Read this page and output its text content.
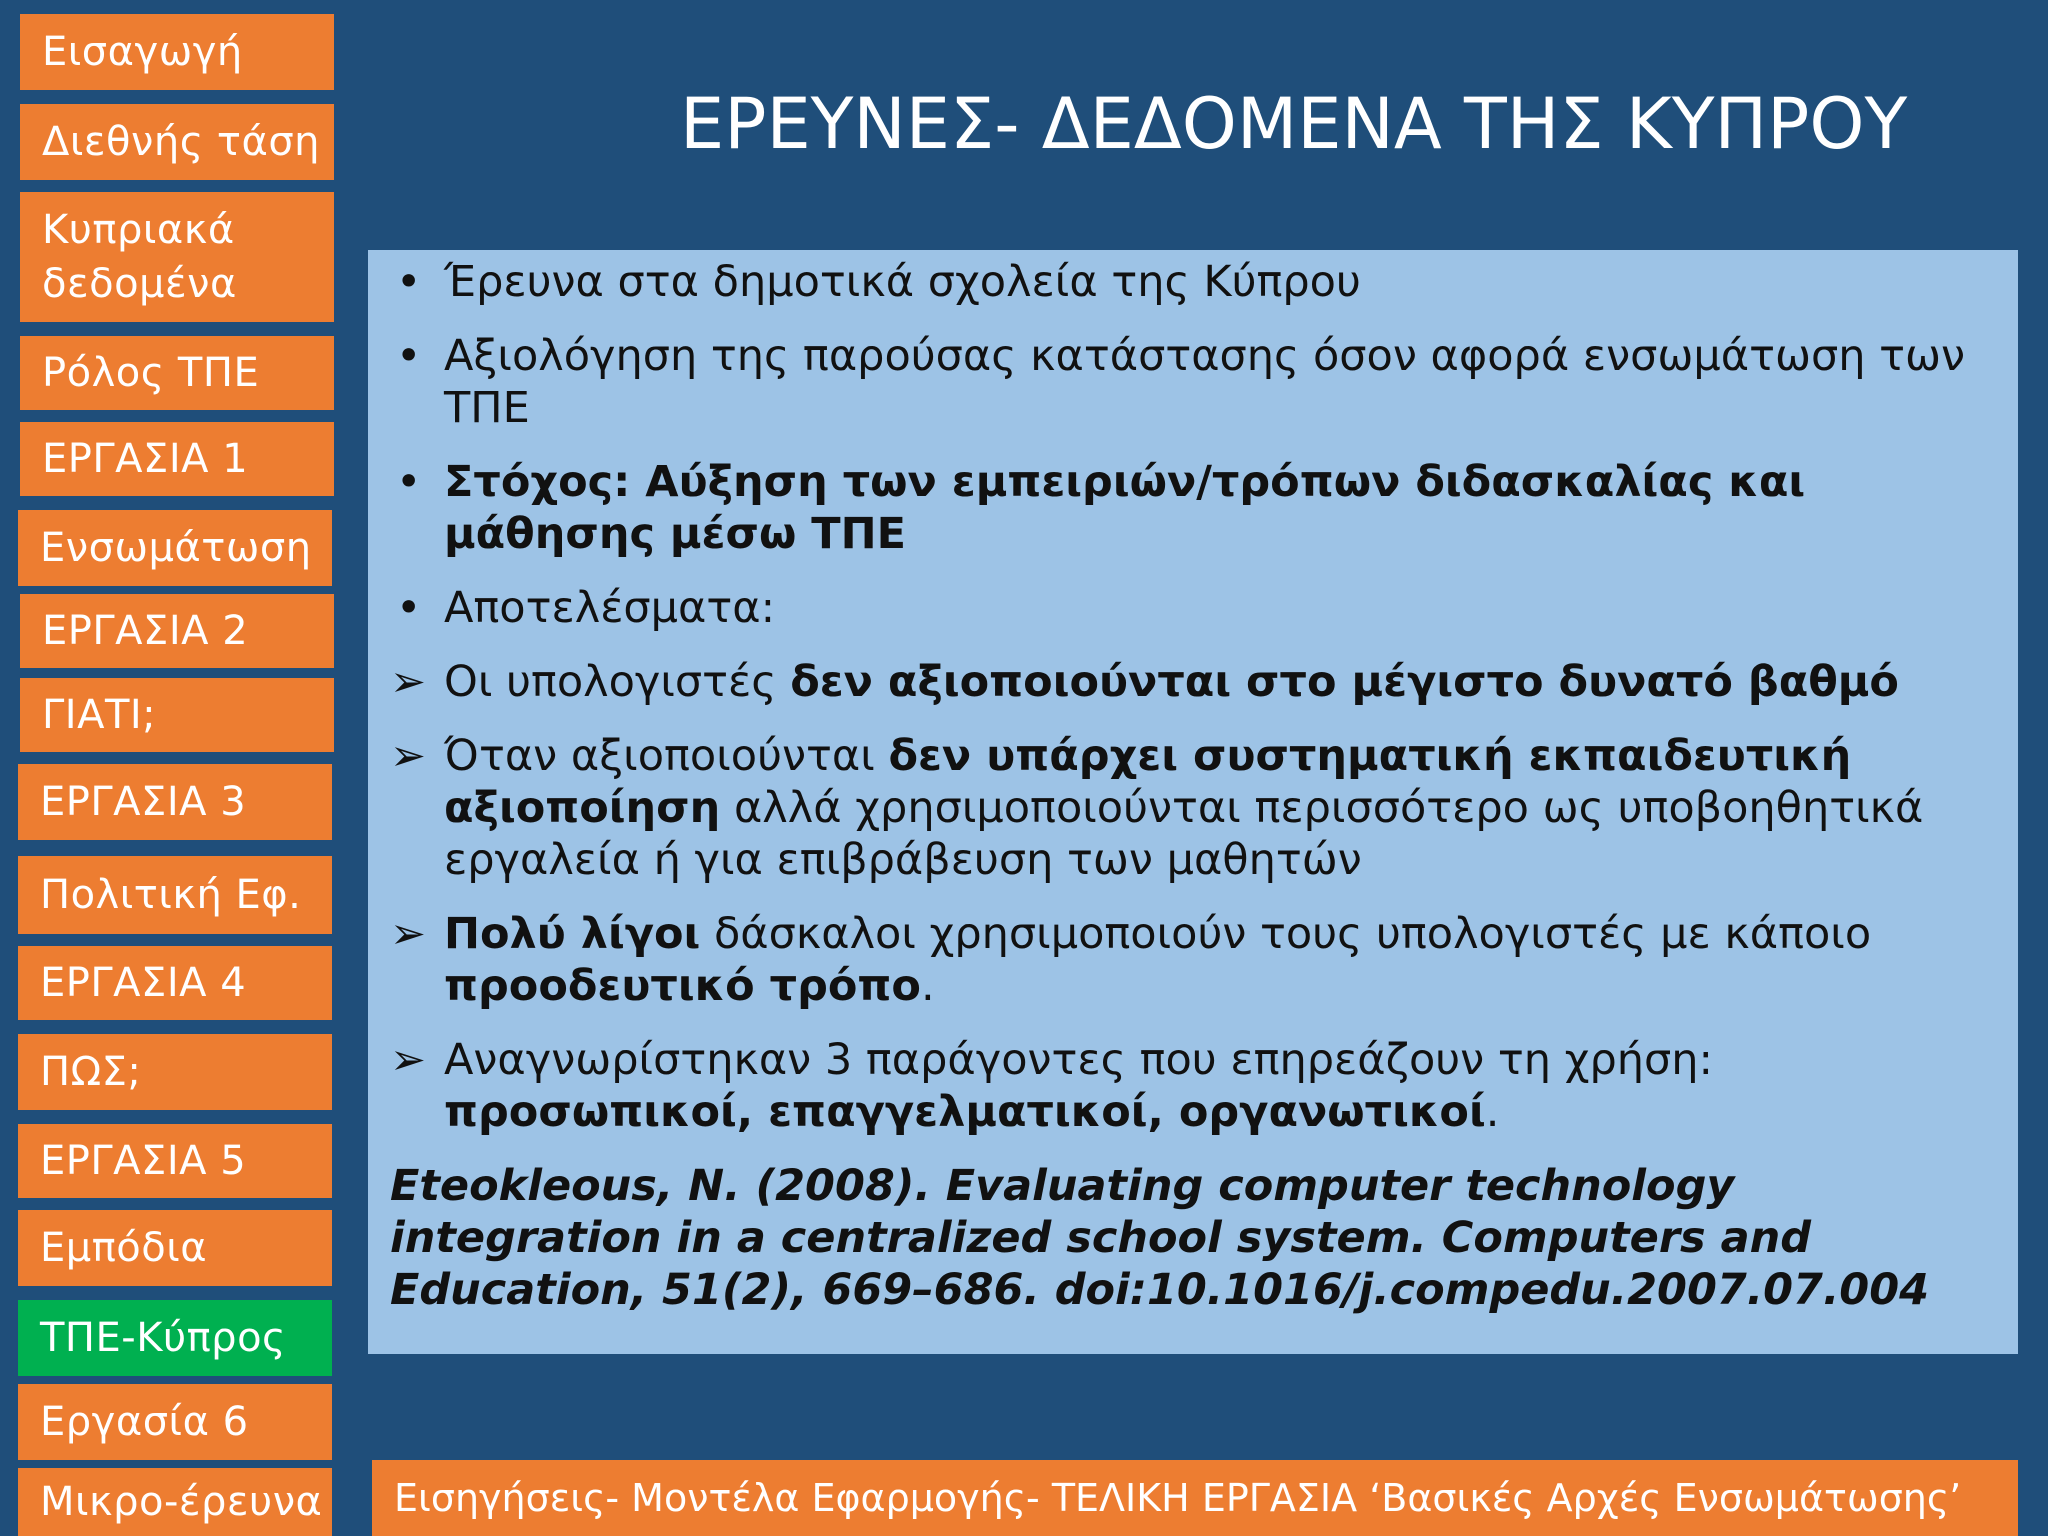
Εισαγωγή
Διεθνής τάση
Κυπριακά δεδομένα
Ρόλος ΤΠΕ
ΕΡΓΑΣΙΑ 1
Ενσωμάτωση
ΕΡΓΑΣΙΑ 2
ΓΙΑΤΙ;
ΕΡΓΑΣΙΑ 3
Πολιτική Εφ.
ΕΡΓΑΣΙΑ 4
ΠΩΣ;
ΕΡΓΑΣΙΑ 5
Εμπόδια
ΤΠΕ-Κύπρος
Εργασία 6
Μικρο-έρευνα
ΕΡΕΥΝΕΣ- ΔΕΔΟΜΕΝΑ ΤΗΣ ΚΥΠΡΟΥ
• Έρευνα στα δημοτικά σχολεία της Κύπρου
• Αξιολόγηση της παρούσας κατάστασης όσον αφορά ενσωμάτωση των ΤΠΕ
• Στόχος: Αύξηση των εμπειριών/τρόπων διδασκαλίας και μάθησης μέσω ΤΠΕ
• Αποτελέσματα:
➢ Οι υπολογιστές δεν αξιοποιούνται στο μέγιστο δυνατό βαθμό
➢ Όταν αξιοποιούνται δεν υπάρχει συστηματική εκπαιδευτική αξιοποίηση αλλά χρησιμοποιούνται περισσότερο ως υποβοηθητικά εργαλεία ή για επιβράβευση των μαθητών
➢ Πολύ λίγοι δάσκαλοι χρησιμοποιούν τους υπολογιστές με κάποιο προοδευτικό τρόπο.
➢ Αναγνωρίστηκαν 3 παράγοντες που επηρεάζουν τη χρήση: προσωπικοί, επαγγελματικοί, οργανωτικοί.
Eteokleous, N. (2008). Evaluating computer technology integration in a centralized school system. Computers and Education, 51(2), 669–686. doi:10.1016/j.compedu.2007.07.004
Εισηγήσεις- Μοντέλα Εφαρμογής- ΤΕΛΙΚΗ ΕΡΓΑΣΙΑ ‘Βασικές Αρχές Ενσωμάτωσης’
